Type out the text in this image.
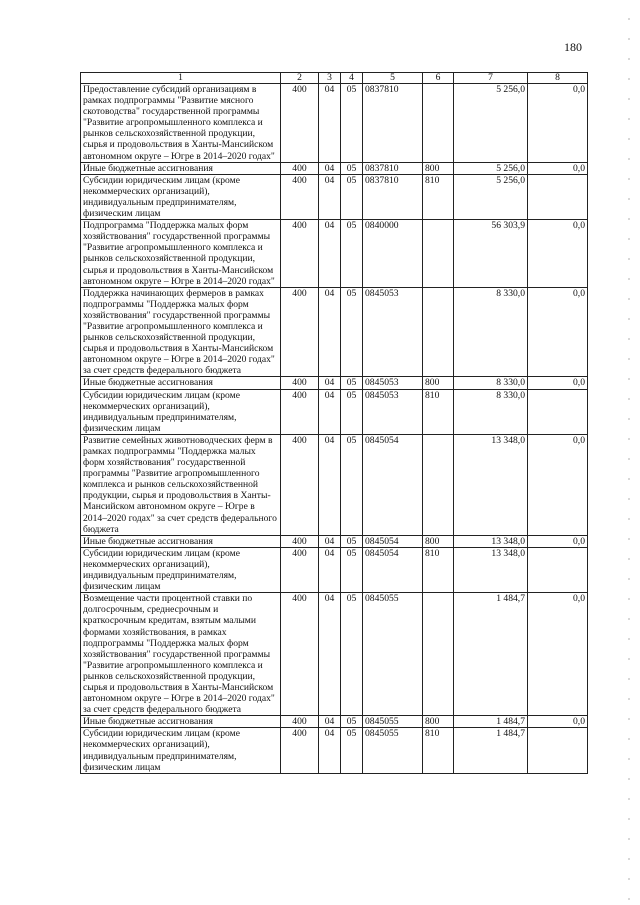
180
1	2	3	4	5	6	7	8
Предоставление субсидий организациям в рамках подпрограммы "Развитие мясного скотоводства" государственной программы "Развитие агропромышленного комплекса и рынков сельскохозяйственной продукции, сырья и продовольствия в Ханты-Мансийском автономном округе – Югре в 2014–2020 годах"	400	04	05	0837810		5 256,0	0,0
Иные бюджетные ассигнования	400	04	05	0837810	800	5 256,0	0,0
Субсидии юридическим лицам (кроме некоммерческих организаций), индивидуальным предпринимателям, физическим лицам	400	04	05	0837810	810	5 256,0	
Подпрограмма "Поддержка малых форм хозяйствования" государственной программы "Развитие агропромышленного комплекса и рынков сельскохозяйственной продукции, сырья и продовольствия в Ханты-Мансийском автономном округе – Югре в 2014–2020 годах"	400	04	05	0840000		56 303,9	0,0
Поддержка начинающих фермеров в рамках подпрограммы "Поддержка малых форм хозяйствования" государственной программы "Развитие агропромышленного комплекса и рынков сельскохозяйственной продукции, сырья и продовольствия в Ханты-Мансийском автономном округе – Югре в 2014–2020 годах" за счет средств федерального бюджета	400	04	05	0845053		8 330,0	0,0
Иные бюджетные ассигнования	400	04	05	0845053	800	8 330,0	0,0
Субсидии юридическим лицам (кроме некоммерческих организаций), индивидуальным предпринимателям, физическим лицам	400	04	05	0845053	810	8 330,0	
Развитие семейных животноводческих ферм в рамках подпрограммы "Поддержка малых форм хозяйствования" государственной программы "Развитие агропромышленного комплекса и рынков сельскохозяйственной продукции, сырья и продовольствия в Ханты-Мансийском автономном округе – Югре в 2014–2020 годах" за счет средств федерального бюджета	400	04	05	0845054		13 348,0	0,0
Иные бюджетные ассигнования	400	04	05	0845054	800	13 348,0	0,0
Субсидии юридическим лицам (кроме некоммерческих организаций), индивидуальным предпринимателям, физическим лицам	400	04	05	0845054	810	13 348,0	
Возмещение части процентной ставки по долгосрочным, среднесрочным и краткосрочным кредитам, взятым малыми формами хозяйствования, в рамках подпрограммы "Поддержка малых форм хозяйствования" государственной программы "Развитие агропромышленного комплекса и рынков сельскохозяйственной продукции, сырья и продовольствия в Ханты-Мансийском автономном округе – Югре в 2014–2020 годах" за счет средств федерального бюджета	400	04	05	0845055		1 484,7	0,0
Иные бюджетные ассигнования	400	04	05	0845055	800	1 484,7	0,0
Субсидии юридическим лицам (кроме некоммерческих организаций), индивидуальным предпринимателям, физическим лицам	400	04	05	0845055	810	1 484,7	
